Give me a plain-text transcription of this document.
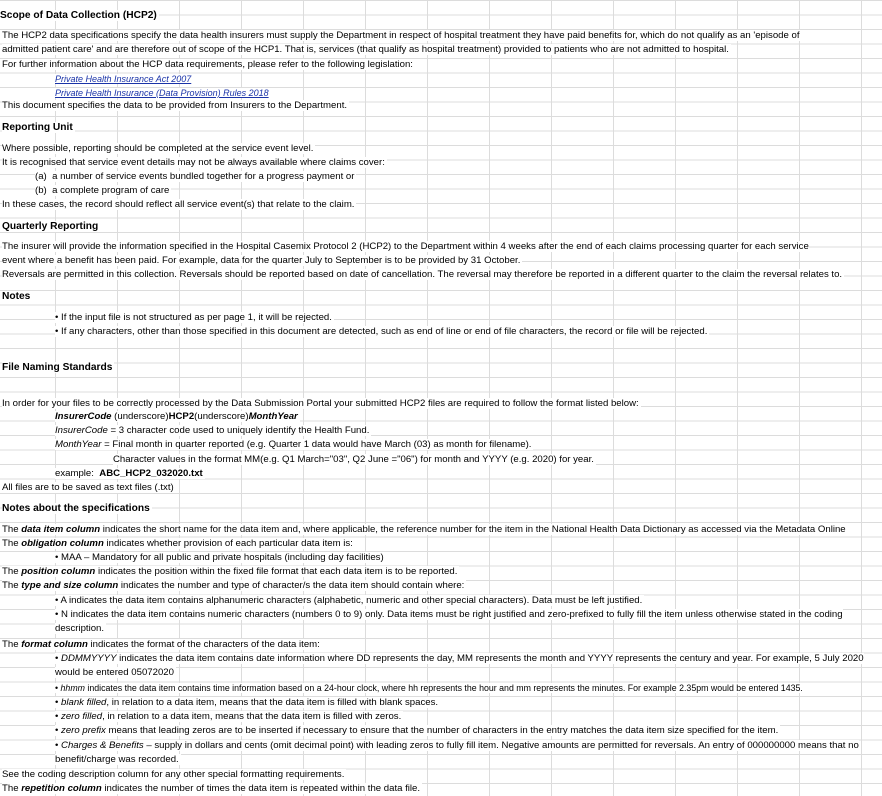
Scope of Data Collection (HCP2)
The HCP2 data specifications specify the data health insurers must supply the Department in respect of hospital treatment they have paid benefits for, which do not qualify as an 'episode of admitted patient care' and are therefore out of scope of the HCP1. That is, services (that qualify as hospital treatment) provided to patients who are not admitted to hospital.
For further information about the HCP data requirements, please refer to the following legislation:
Private Health Insurance Act 2007
Private Health Insurance (Data Provision) Rules 2018
This document specifies the data to be provided from Insurers to the Department.
Reporting Unit
Where possible, reporting should be completed at the service event level.
It is recognised that service event details may not be always available where claims cover:
(a) a number of service events bundled together for a progress payment or
(b) a complete program of care
In these cases, the record should reflect all service event(s) that relate to the claim.
Quarterly Reporting
The insurer will provide the information specified in the Hospital Casemix Protocol 2 (HCP2) to the Department within 4 weeks after the end of each claims processing quarter for each service event where a benefit has been paid. For example, data for the quarter July to September is to be provided by 31 October.
Reversals are permitted in this collection. Reversals should be reported based on date of cancellation. The reversal may therefore be reported in a different quarter to the claim the reversal relates to.
Notes
• If the input file is not structured as per page 1, it will be rejected.
• If any characters, other than those specified in this document are detected, such as end of line or end of file characters, the record or file will be rejected.
File Naming Standards
In order for your files to be correctly processed by the Data Submission Portal your submitted HCP2 files are required to follow the format listed below:
InsurerCode (underscore)HCP2(underscore)MonthYear
InsurerCode = 3 character code used to uniquely identify the Health Fund.
MonthYear = Final month in quarter reported (e.g. Quarter 1 data would have March (03) as month for filename).
Character values in the format MM(e.g. Q1 March="03", Q2 June ="06") for month and YYYY (e.g. 2020) for year.
example: ABC_HCP2_032020.txt
All files are to be saved as text files (.txt)
Notes about the specifications
The data item column indicates the short name for the data item and, where applicable, the reference number for the item in the National Health Data Dictionary as accessed via the Metadata Online
The obligation column indicates whether provision of each particular data item is:
• MAA – Mandatory for all public and private hospitals (including day facilities)
The position column indicates the position within the fixed file format that each data item is to be reported.
The type and size column indicates the number and type of character/s the data item should contain where:
• A indicates the data item contains alphanumeric characters (alphabetic, numeric and other special characters). Data must be left justified.
• N indicates the data item contains numeric characters (numbers 0 to 9) only. Data items must be right justified and zero-prefixed to fully fill the item unless otherwise stated in the coding description.
The format column indicates the format of the characters of the data item:
• DDMMYYYY indicates the data item contains date information where DD represents the day, MM represents the month and YYYY represents the century and year. For example, 5 July 2020 would be entered 05072020
• hhmm indicates the data item contains time information based on a 24-hour clock, where hh represents the hour and mm represents the minutes. For example 2.35pm would be entered 1435.
• blank filled, in relation to a data item, means that the data item is filled with blank spaces.
• zero filled, in relation to a data item, means that the data item is filled with zeros.
• zero prefix means that leading zeros are to be inserted if necessary to ensure that the number of characters in the entry matches the data item size specified for the item.
• Charges & Benefits – supply in dollars and cents (omit decimal point) with leading zeros to fully fill item. Negative amounts are permitted for reversals. An entry of 000000000 means that no benefit/charge was recorded.
See the coding description column for any other special formatting requirements.
The repetition column indicates the number of times the data item is repeated within the data file.
